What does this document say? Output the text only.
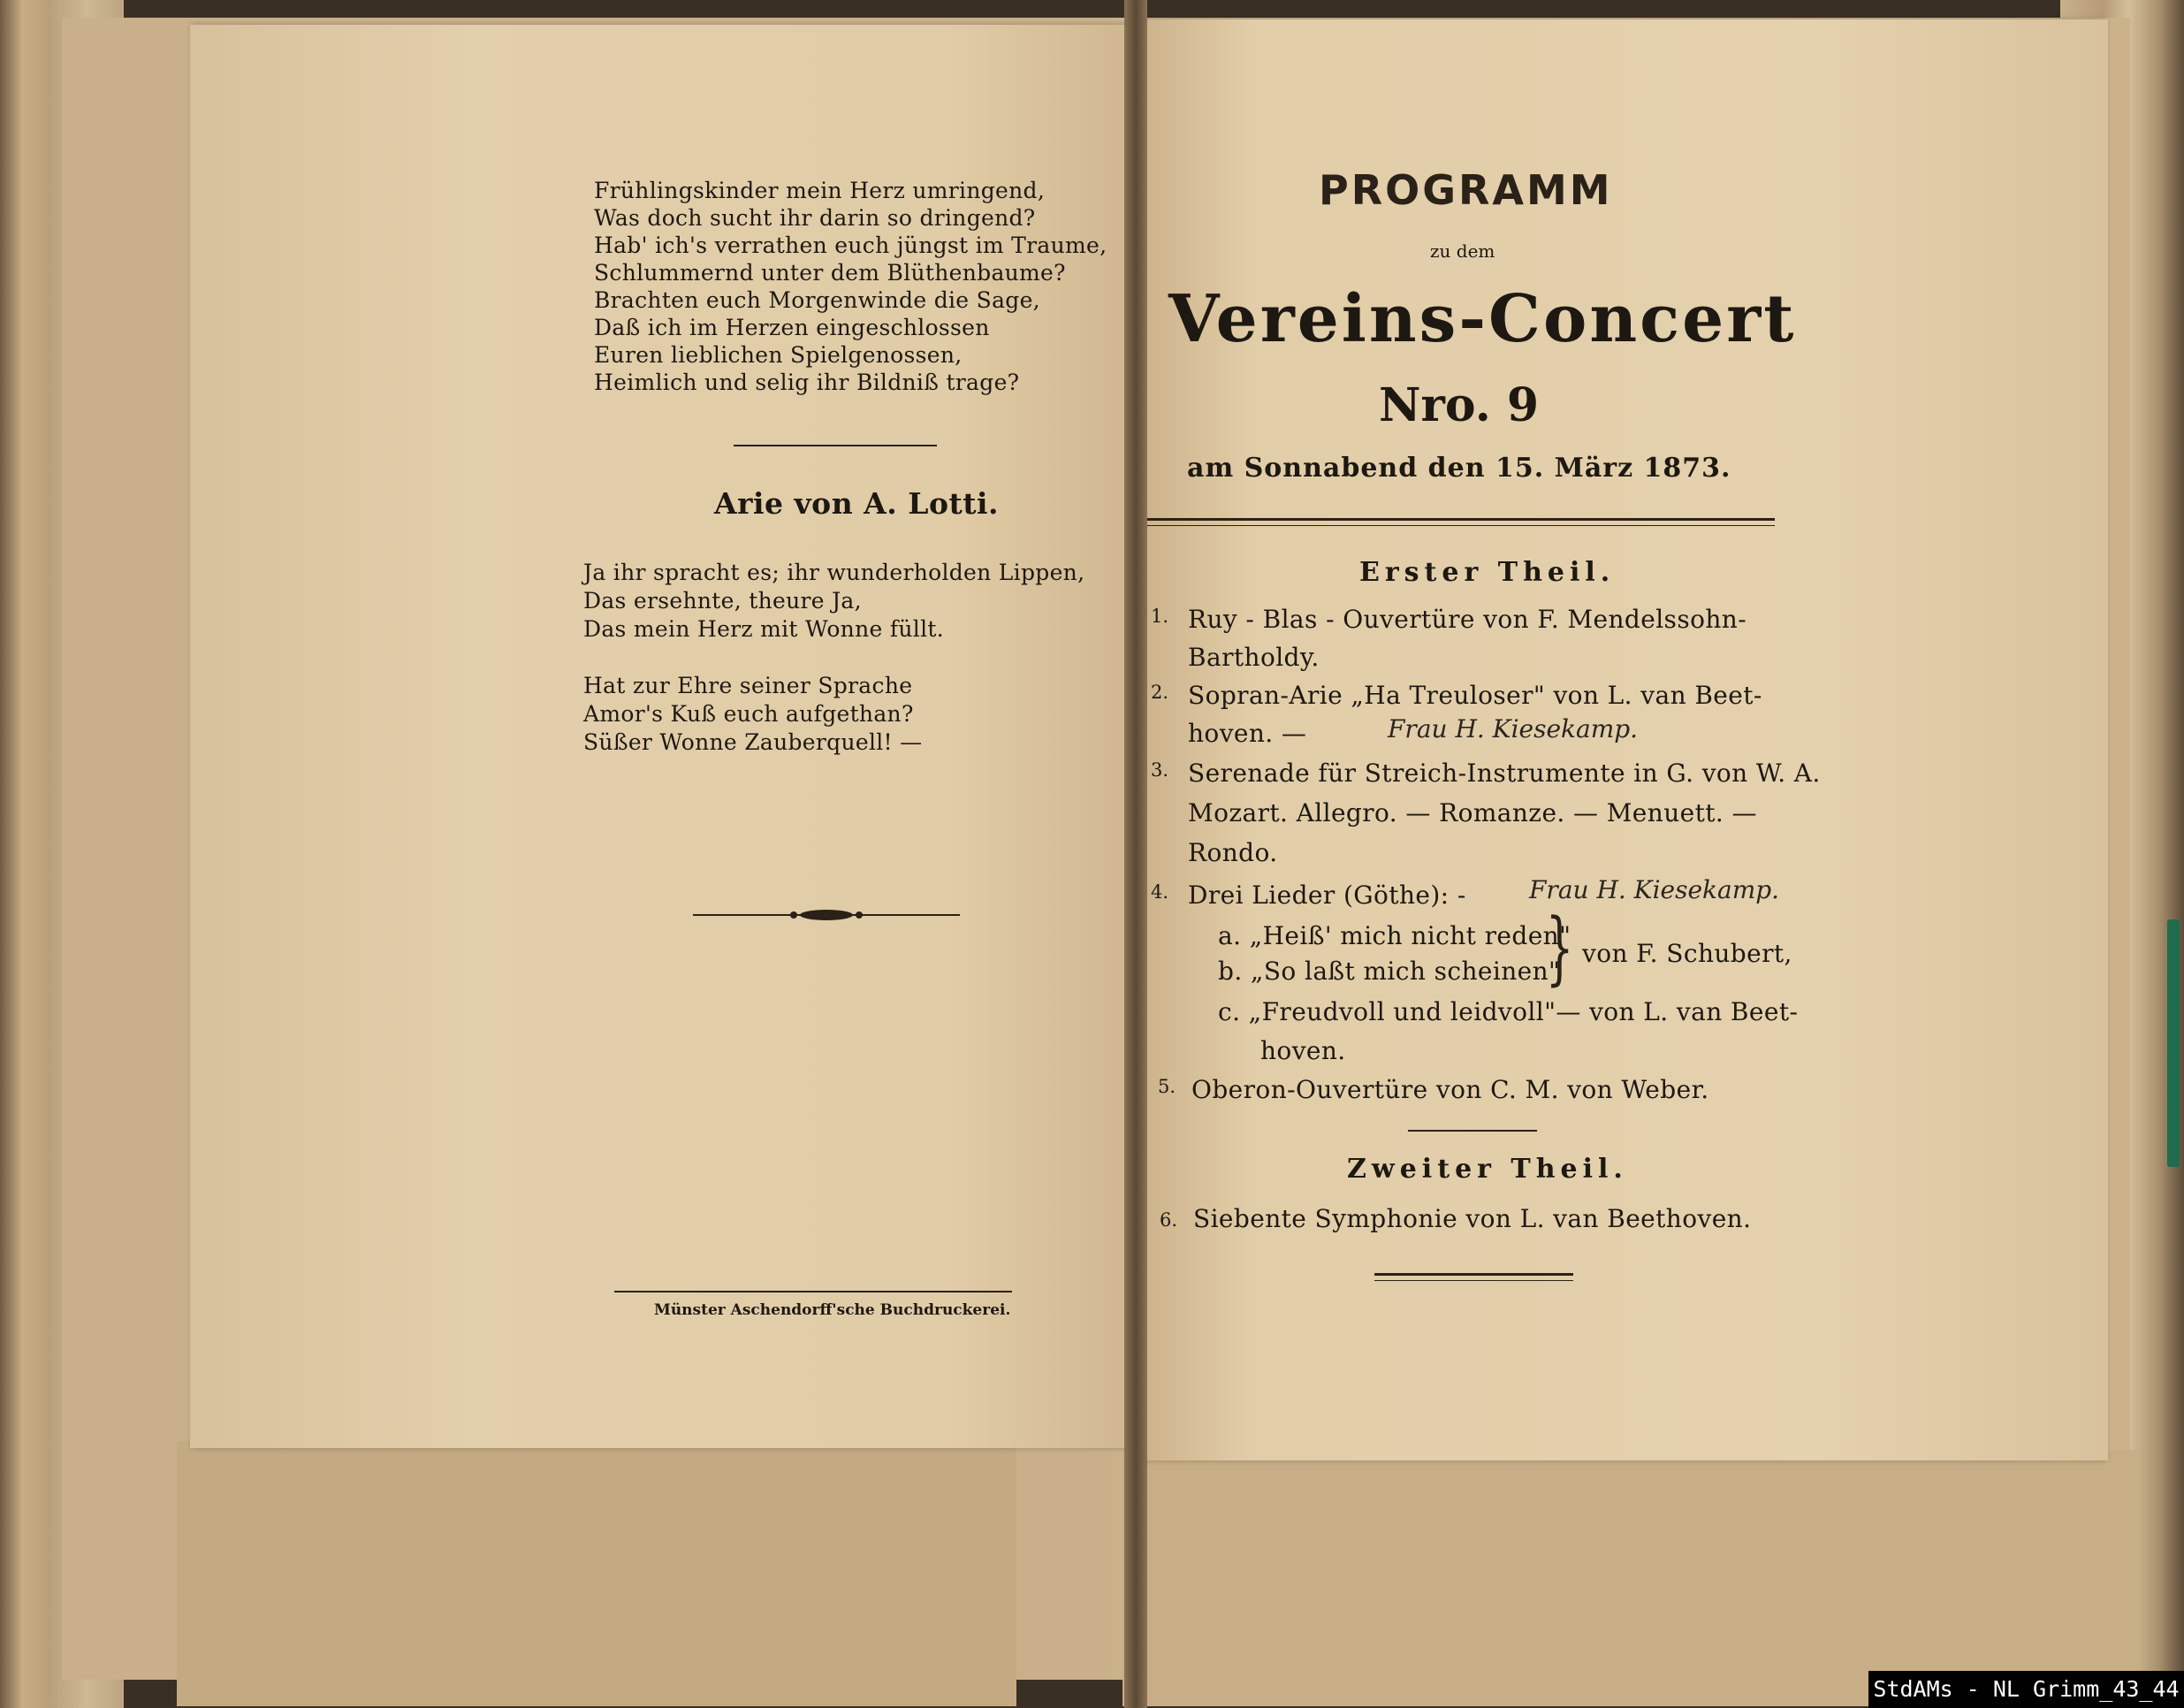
Frühlingskinder mein Herz umringend,
Was doch sucht ihr darin so dringend?
Hab' ich's verrathen euch jüngst im Traume,
Schlummernd unter dem Blüthenbaume?
Brachten euch Morgenwinde die Sage,
Daß ich im Herzen eingeschlossen
Euren lieblichen Spielgenossen,
Heimlich und selig ihr Bildniß trage?
Arie von A. Lotti.
Ja ihr spracht es; ihr wunderholden Lippen,
Das ersehnte, theure Ja,
Das mein Herz mit Wonne füllt.
Hat zur Ehre seiner Sprache
Amor's Kuß euch aufgethan?
Süßer Wonne Zauberquell! —
Münster Aschendorff'sche Buchdruckerei.
PROGRAMM
zu dem
Vereins-Concert
Nro. 9
am Sonnabend den 15. März 1873.
Erster Theil.
1. Ruy - Blas - Ouvertüre von F. Mendelssohn-
Bartholdy.
2. Sopran-Arie „Ha Treuloser" von L. van Beet-
hoven. —	Frau H. Kiesekamp.
3. Serenade für Streich-Instrumente in G. von W. A.
Mozart. Allegro. — Romanze. — Menuett. —
Rondo.
4. Drei Lieder (Göthe): -	Frau H. Kiesekamp.
a. „Heiß' mich nicht reden"
b. „So laßt mich scheinen"
} von F. Schubert,
c. „Freudvoll und leidvoll"— von L. van Beet-
hoven.
5. Oberon-Ouvertüre von C. M. von Weber.
Zweiter Theil.
6. Siebente Symphonie von L. van Beethoven.
StdAMs - NL Grimm_43_44
